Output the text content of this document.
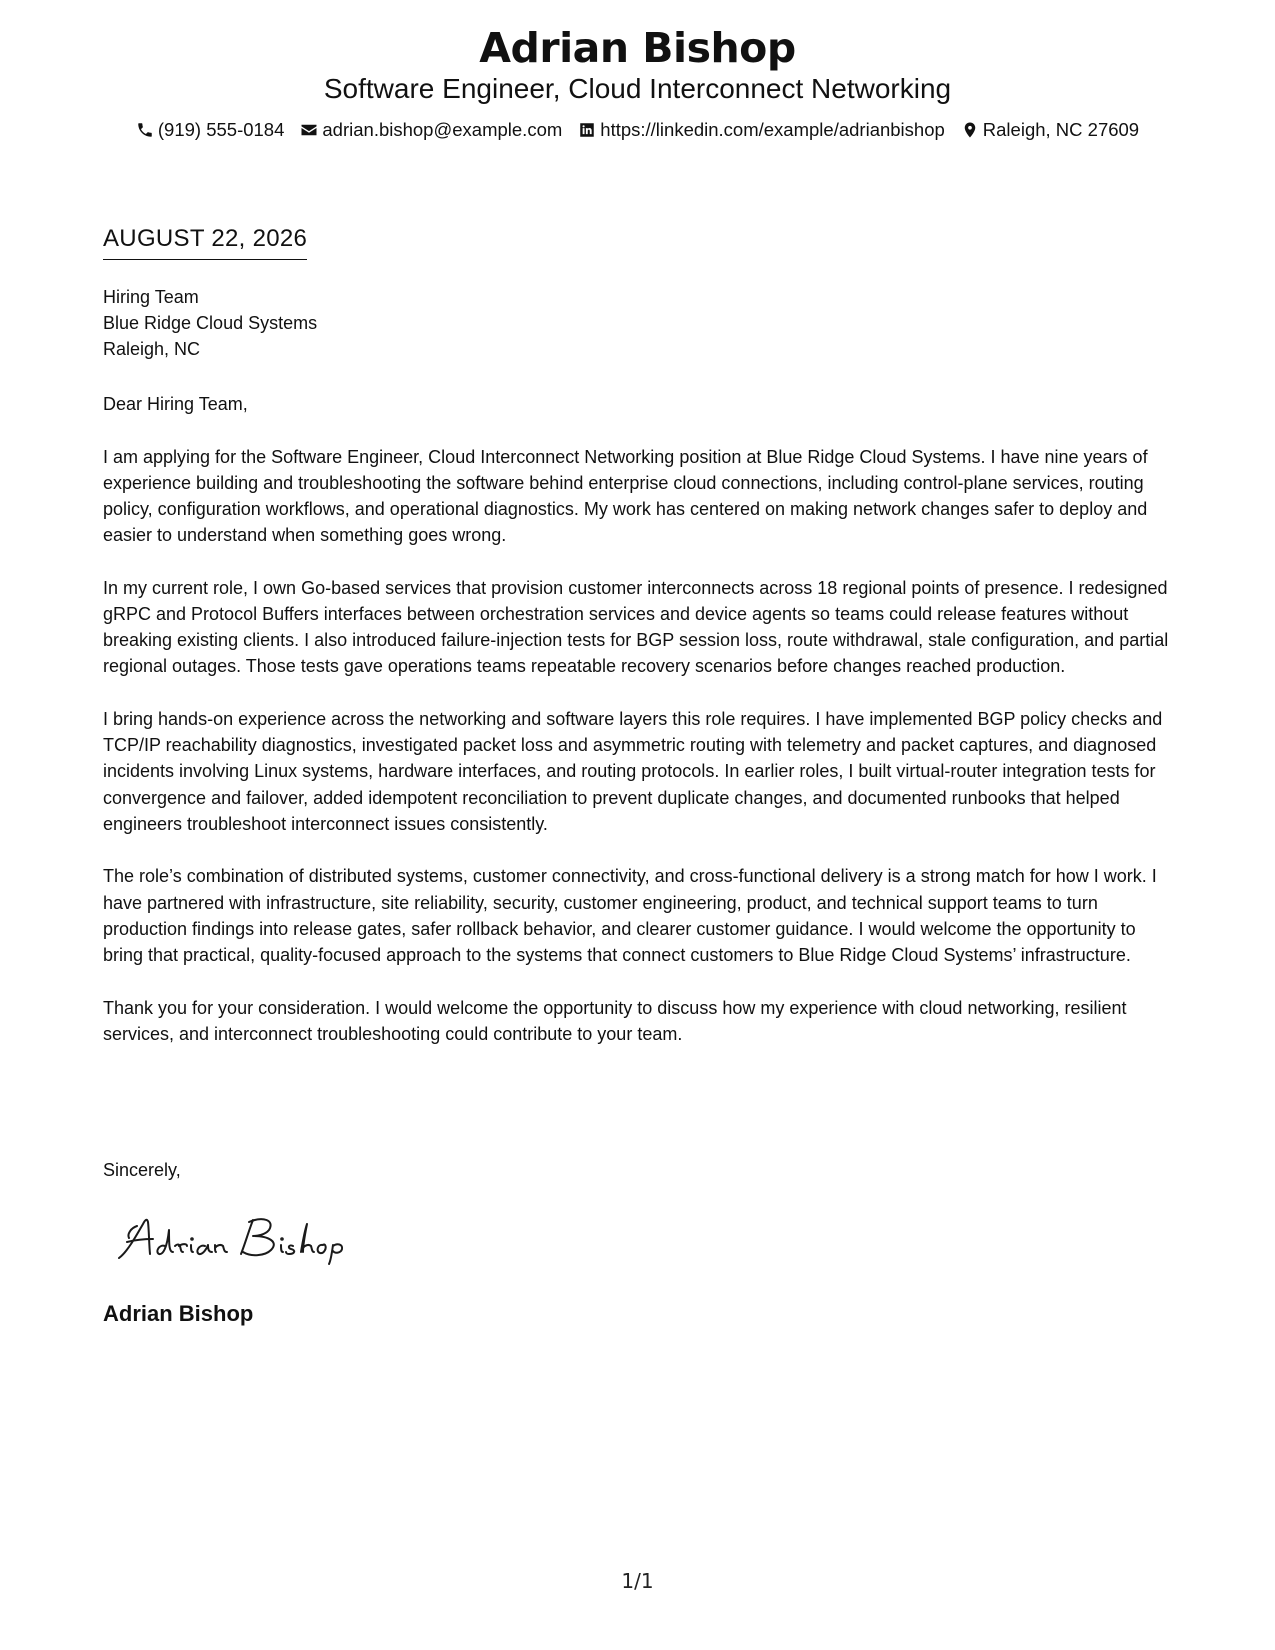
Adrian Bishop
Software Engineer, Cloud Interconnect Networking
(919) 555-0184 adrian.bishop@example.com https://linkedin.com/example/adrianbishop Raleigh, NC 27609
AUGUST 22, 2026
Hiring Team
Blue Ridge Cloud Systems
Raleigh, NC

Dear Hiring Team,

I am applying for the Software Engineer, Cloud Interconnect Networking position at Blue Ridge Cloud Systems. I have nine years of experience building and troubleshooting the software behind enterprise cloud connections, including control-plane services, routing policy, configuration workflows, and operational diagnostics. My work has centered on making network changes safer to deploy and easier to understand when something goes wrong.

In my current role, I own Go-based services that provision customer interconnects across 18 regional points of presence. I redesigned gRPC and Protocol Buffers interfaces between orchestration services and device agents so teams could release features without breaking existing clients. I also introduced failure-injection tests for BGP session loss, route withdrawal, stale configuration, and partial regional outages. Those tests gave operations teams repeatable recovery scenarios before changes reached production.

I bring hands-on experience across the networking and software layers this role requires. I have implemented BGP policy checks and TCP/IP reachability diagnostics, investigated packet loss and asymmetric routing with telemetry and packet captures, and diagnosed incidents involving Linux systems, hardware interfaces, and routing protocols. In earlier roles, I built virtual-router integration tests for convergence and failover, added idempotent reconciliation to prevent duplicate changes, and documented runbooks that helped engineers troubleshoot interconnect issues consistently.

The role’s combination of distributed systems, customer connectivity, and cross-functional delivery is a strong match for how I work. I have partnered with infrastructure, site reliability, security, customer engineering, product, and technical support teams to turn production findings into release gates, safer rollback behavior, and clearer customer guidance. I would welcome the opportunity to bring that practical, quality-focused approach to the systems that connect customers to Blue Ridge Cloud Systems’ infrastructure.

Thank you for your consideration. I would welcome the opportunity to discuss how my experience with cloud networking, resilient services, and interconnect troubleshooting could contribute to your team.

Sincerely,
Adrian Bishop
1/1
